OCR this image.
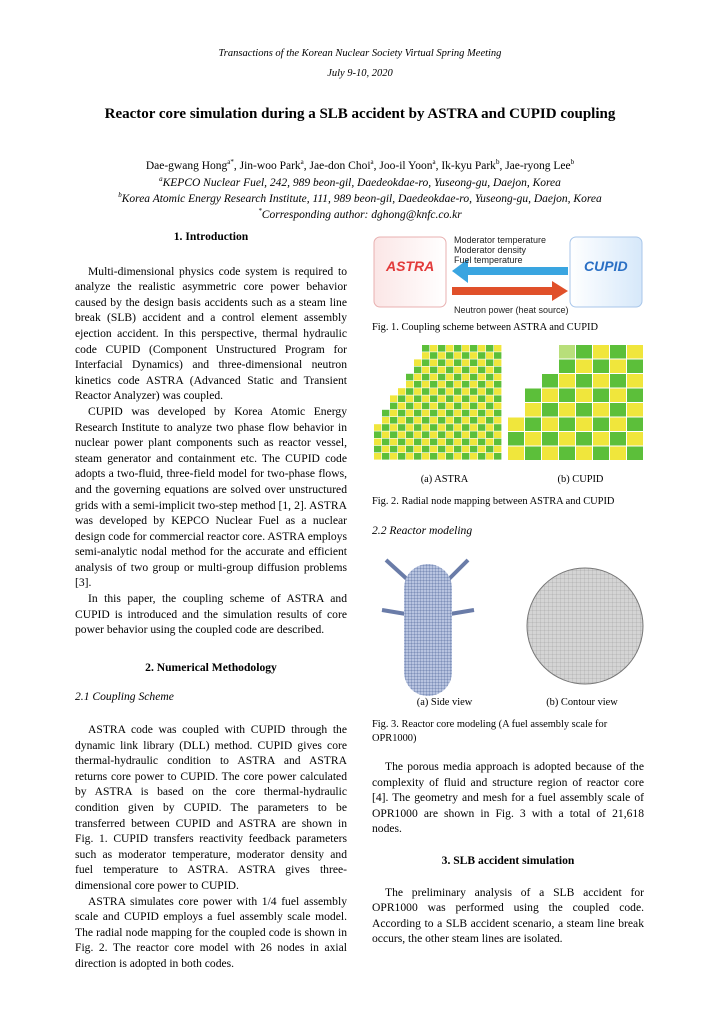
Transactions of the Korean Nuclear Society Virtual Spring Meeting
July 9-10, 2020
Reactor core simulation during a SLB accident by ASTRA and CUPID coupling
Dae-gwang Hong$^{a*}$, Jin-woo Park$^a$, Jae-don Choi$^a$, Joo-il Yoon$^a$, Ik-kyu Park$^b$, Jae-ryong Lee$^b$
$^a$KEPCO Nuclear Fuel, 242, 989 beon-gil, Daedeokdae-ro, Yuseong-gu, Daejon, Korea
$^b$Korea Atomic Energy Research Institute, 111, 989 beon-gil, Daedeokdae-ro, Yuseong-gu, Daejon, Korea
*Corresponding author: dghong@knfc.co.kr
1. Introduction

Multi-dimensional physics code system is required to analyze the realistic asymmetric core power behavior caused by the design basis accidents such as a steam line break (SLB) accident and a control element assembly ejection accident. In this perspective, thermal hydraulic code CUPID (Component Unstructured Program for Interfacial Dynamics) and three-dimensional neutron kinetics code ASTRA (Advanced Static and Transient Reactor Analyzer) was coupled.

CUPID was developed by Korea Atomic Energy Research Institute to analyze two phase flow behavior in nuclear power plant components such as reactor vessel, steam generator and containment etc. The CUPID code adopts a two-fluid, three-field model for two-phase flows, and the governing equations are solved over unstructured grids with a semi-implicit two-step method [1, 2]. ASTRA was developed by KEPCO Nuclear Fuel as a nuclear design code for commercial reactor core. ASTRA employs semi-analytic nodal method for the accurate and efficient analysis of two group or multi-group diffusion problems [3].

In this paper, the coupling scheme of ASTRA and CUPID is introduced and the simulation results of core power behavior using the coupled code are described.

2. Numerical Methodology
2.1 Coupling Scheme

ASTRA code was coupled with CUPID through the dynamic link library (DLL) method. CUPID gives core thermal-hydraulic condition to ASTRA and ASTRA returns core power to CUPID. The core power calculated by ASTRA is based on the core thermal-hydraulic condition given by CUPID. The parameters to be transferred between CUPID and ASTRA are shown in Fig. 1. CUPID transfers reactivity feedback parameters such as moderator temperature, moderator density and fuel temperature to ASTRA. ASTRA gives three-dimensional core power to CUPID.

ASTRA simulates core power with 1/4 fuel assembly scale and CUPID employs a fuel assembly scale model. The radial node mapping for the coupled code is shown in Fig. 2. The reactor core model with 26 nodes in axial direction is adopted in both codes.

ASTRA	CUPID
Moderator temperature
Moderator density
Fuel temperature
Neutron power (heat source)
Fig. 1. Coupling scheme between ASTRA and CUPID
(a) ASTRA	(b) CUPID
Fig. 2. Radial node mapping between ASTRA and CUPID
2.2 Reactor modeling
(a) Side view	(b) Contour view
Fig. 3. Reactor core modeling (A fuel assembly scale for OPR1000)

The porous media approach is adopted because of the complexity of fluid and structure region of reactor core [4]. The geometry and mesh for a fuel assembly scale of OPR1000 are shown in Fig. 3 with a total of 21,618 nodes.

3. SLB accident simulation

The preliminary analysis of a SLB accident for OPR1000 was performed using the coupled code. According to a SLB accident scenario, a steam line break occurs, the other steam lines are isolated.
